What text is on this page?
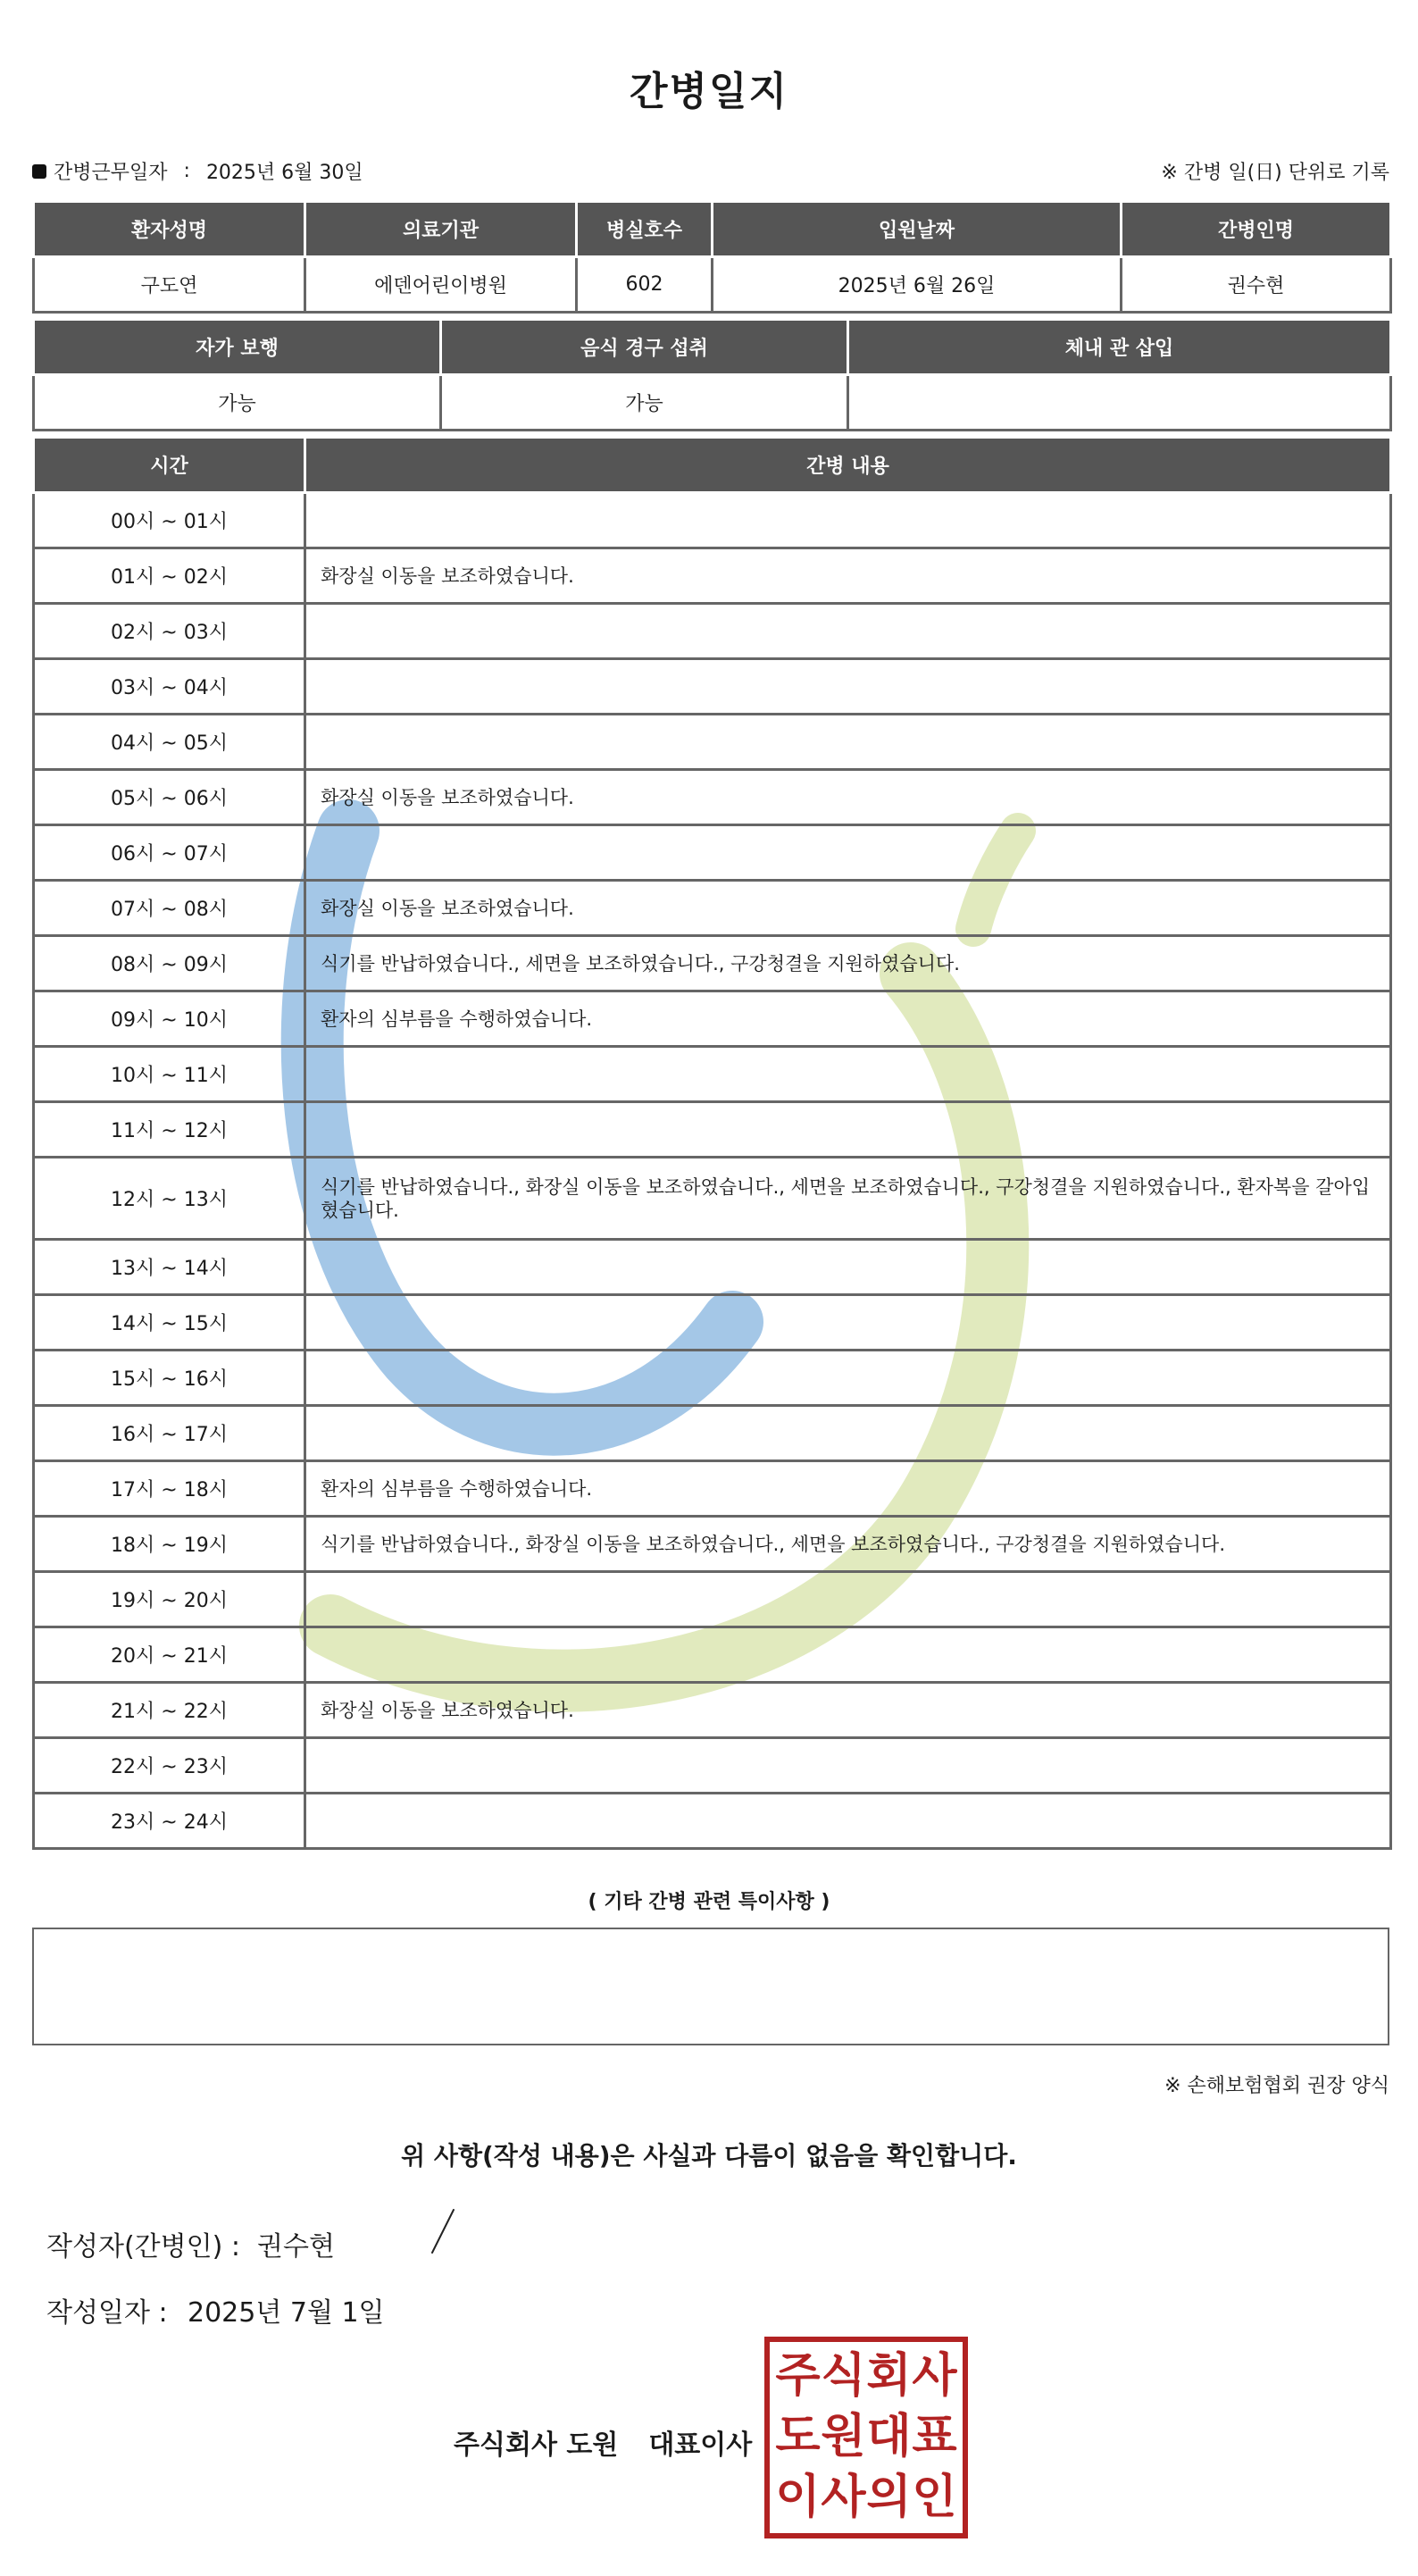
간병일지
간병근무일자 : 2025년 6월 30일	※ 간병 일(日) 단위로 기록
환자성명	의료기관	병실호수	입원날짜	간병인명
구도연	에덴어린이병원	602	2025년 6월 26일	권수현
자가 보행	음식 경구 섭취	체내 관 삽입
가능	가능	
시간	간병 내용
00시 ~ 01시	
01시 ~ 02시	화장실 이동을 보조하였습니다.
02시 ~ 03시	
03시 ~ 04시	
04시 ~ 05시	
05시 ~ 06시	화장실 이동을 보조하였습니다.
06시 ~ 07시	
07시 ~ 08시	화장실 이동을 보조하였습니다.
08시 ~ 09시	식기를 반납하였습니다., 세면을 보조하였습니다., 구강청결을 지원하였습니다.
09시 ~ 10시	환자의 심부름을 수행하였습니다.
10시 ~ 11시	
11시 ~ 12시	
12시 ~ 13시	식기를 반납하였습니다., 화장실 이동을 보조하였습니다., 세면을 보조하였습니다., 구강청결을 지원하였습니다., 환자복을 갈아입혔습니다.
13시 ~ 14시	
14시 ~ 15시	
15시 ~ 16시	
16시 ~ 17시	
17시 ~ 18시	환자의 심부름을 수행하였습니다.
18시 ~ 19시	식기를 반납하였습니다., 화장실 이동을 보조하였습니다., 세면을 보조하였습니다., 구강청결을 지원하였습니다.
19시 ~ 20시	
20시 ~ 21시	
21시 ~ 22시	화장실 이동을 보조하였습니다.
22시 ~ 23시	
23시 ~ 24시	
( 기타 간병 관련 특이사항 )
※ 손해보험협회 권장 양식
위 사항(작성 내용)은 사실과 다름이 없음을 확인합니다.
작성자(간병인) : 권수현
작성일자 : 2025년 7월 1일
주식회사 도원 대표이사
주 식 회 사
도 원 대 표
이 사 의 인
